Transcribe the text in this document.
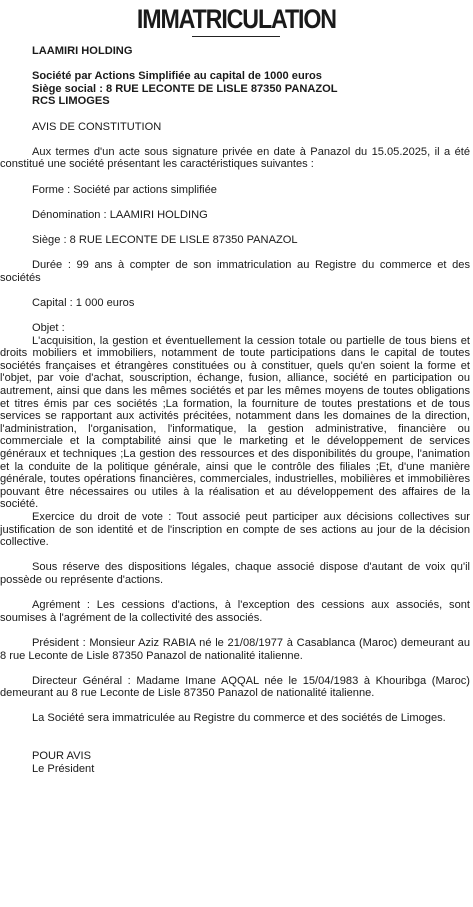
IMMATRICULATION

LAAMIRI HOLDING

Société par Actions Simplifiée au capital de 1000 euros

Siège social : 8 RUE LECONTE DE LISLE 87350 PANAZOL

RCS LIMOGES

AVIS DE CONSTITUTION

Aux termes d'un acte sous signature privée en date à Panazol du 15.05.2025, il a été constitué une société présentant les caractéristiques suivantes :

Forme : Société par actions simplifiée

Dénomination : LAAMIRI HOLDING

Siège : 8 RUE LECONTE DE LISLE 87350 PANAZOL

Durée : 99 ans à compter de son immatriculation au Registre du commerce et des sociétés

Capital : 1 000 euros

Objet :

L'acquisition, la gestion et éventuellement la cession totale ou partielle de tous biens et droits mobiliers et immobiliers, notamment de toute participations dans le capital de toutes sociétés françaises et étrangères constituées ou à constituer, quels qu'en soient la forme et l'objet, par voie d'achat, souscription, échange, fusion, alliance, société en participation ou autrement, ainsi que dans les mêmes sociétés et par les mêmes moyens de toutes obligations et titres émis par ces sociétés ;La formation, la fourniture de toutes prestations et de tous services se rapportant aux activités précitées, notamment dans les domaines de la direction, l'administration, l'organisation, l'informatique, la gestion administrative, financière ou commerciale et la comptabilité ainsi que le marketing et le développement de services généraux et techniques ;La gestion des ressources et des disponibilités du groupe, l'animation et la conduite de la politique générale, ainsi que le contrôle des filiales ;Et, d'une manière générale, toutes opérations financières, commerciales, industrielles, mobilières et immobilières pouvant être nécessaires ou utiles à la réalisation et au développement des affaires de la société.

Exercice du droit de vote : Tout associé peut participer aux décisions collectives sur justification de son identité et de l'inscription en compte de ses actions au jour de la décision collective.

Sous réserve des dispositions légales, chaque associé dispose d'autant de voix qu'il possède ou représente d'actions.

Agrément : Les cessions d'actions, à l'exception des cessions aux associés, sont soumises à l'agrément de la collectivité des associés.

Président : Monsieur Aziz RABIA né le 21/08/1977 à Casablanca (Maroc) demeurant au 8 rue Leconte de Lisle 87350 Panazol de nationalité italienne.

Directeur Général : Madame Imane AQQAL née le 15/04/1983 à Khouribga (Maroc) demeurant au 8 rue Leconte de Lisle 87350 Panazol de nationalité italienne.

La Société sera immatriculée au Registre du commerce et des sociétés de Limoges.

POUR AVIS

Le Président
